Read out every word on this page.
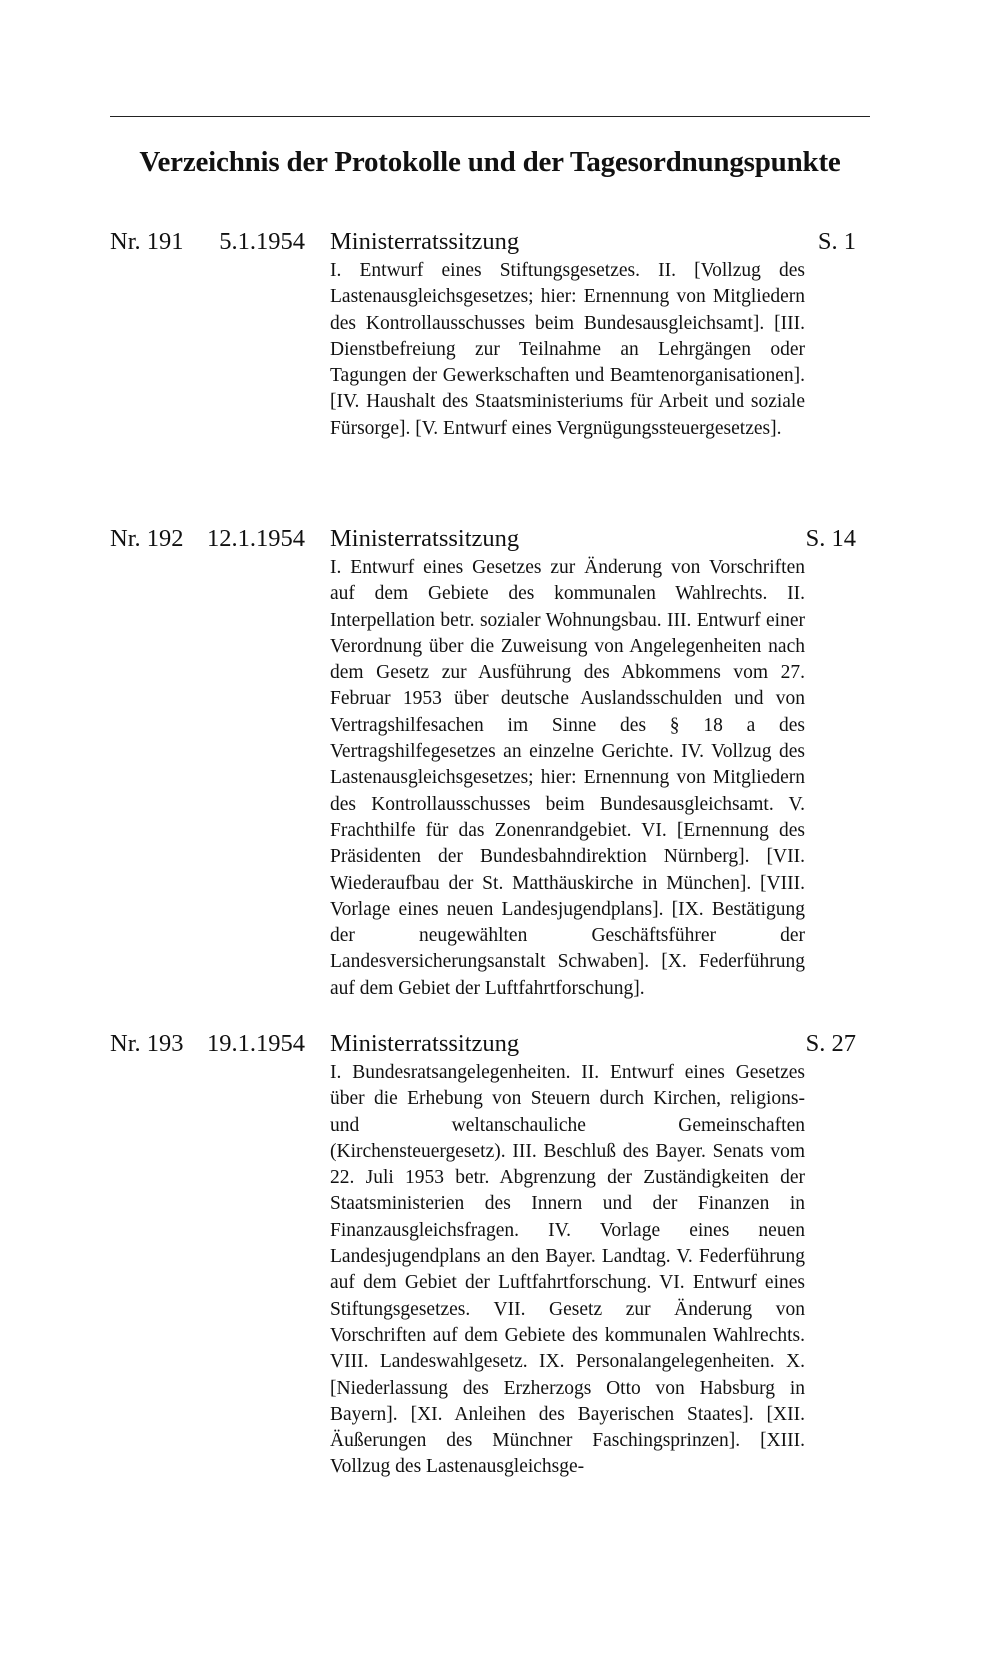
Verzeichnis der Protokolle und der Tagesordnungspunkte
Nr. 191	5.1.1954 Ministerratssitzung	S. 1
I. Entwurf eines Stiftungsgesetzes. II. [Vollzug des Lastenausgleichsgesetzes; hier: Ernennung von Mitgliedern des Kontrollausschusses beim Bundesausgleichsamt]. [III. Dienstbefreiung zur Teilnahme an Lehrgängen oder Tagungen der Gewerkschaften und Beamtenorganisationen]. [IV. Haushalt des Staatsministeriums für Arbeit und soziale Fürsorge]. [V. Entwurf eines Vergnügungssteuergesetzes].
Nr. 192 12.1.1954 Ministerratssitzung	S. 14
I. Entwurf eines Gesetzes zur Änderung von Vorschriften auf dem Gebiete des kommunalen Wahlrechts. II. Interpellation betr. sozialer Wohnungsbau. III. Entwurf einer Verordnung über die Zuweisung von Angelegenheiten nach dem Gesetz zur Ausführung des Abkommens vom 27. Februar 1953 über deutsche Auslandsschulden und von Vertragshilfesachen im Sinne des § 18 a des Vertragshilfegesetzes an einzelne Gerichte. IV. Vollzug des Lastenausgleichsgesetzes; hier: Ernennung von Mitgliedern des Kontrollausschusses beim Bundesausgleichsamt. V. Frachthilfe für das Zonenrandgebiet. VI. [Ernennung des Präsidenten der Bundesbahndirektion Nürnberg]. [VII. Wiederaufbau der St. Matthäuskirche in München]. [VIII. Vorlage eines neuen Landesjugendplans]. [IX. Bestätigung der neugewählten Geschäftsführer der Landesversicherungsanstalt Schwaben]. [X. Federführung auf dem Gebiet der Luftfahrtforschung].
Nr. 193 19.1.1954 Ministerratssitzung	S. 27
I. Bundesratsangelegenheiten. II. Entwurf eines Gesetzes über die Erhebung von Steuern durch Kirchen, religions- und weltanschauliche Gemeinschaften (Kirchensteuergesetz). III. Beschluß des Bayer. Senats vom 22. Juli 1953 betr. Abgrenzung der Zuständigkeiten der Staatsministerien des Innern und der Finanzen in Finanzausgleichsfragen. IV. Vorlage eines neuen Landesjugendplans an den Bayer. Landtag. V. Federführung auf dem Gebiet der Luftfahrtforschung. VI. Entwurf eines Stiftungsgesetzes. VII. Gesetz zur Änderung von Vorschriften auf dem Gebiete des kommunalen Wahlrechts. VIII. Landeswahlgesetz. IX. Personalangelegenheiten. X. [Niederlassung des Erzherzogs Otto von Habsburg in Bayern]. [XI. Anleihen des Bayerischen Staates]. [XII. Äußerungen des Münchner Faschingsprinzen]. [XIII. Vollzug des Lastenausgleichsge-
